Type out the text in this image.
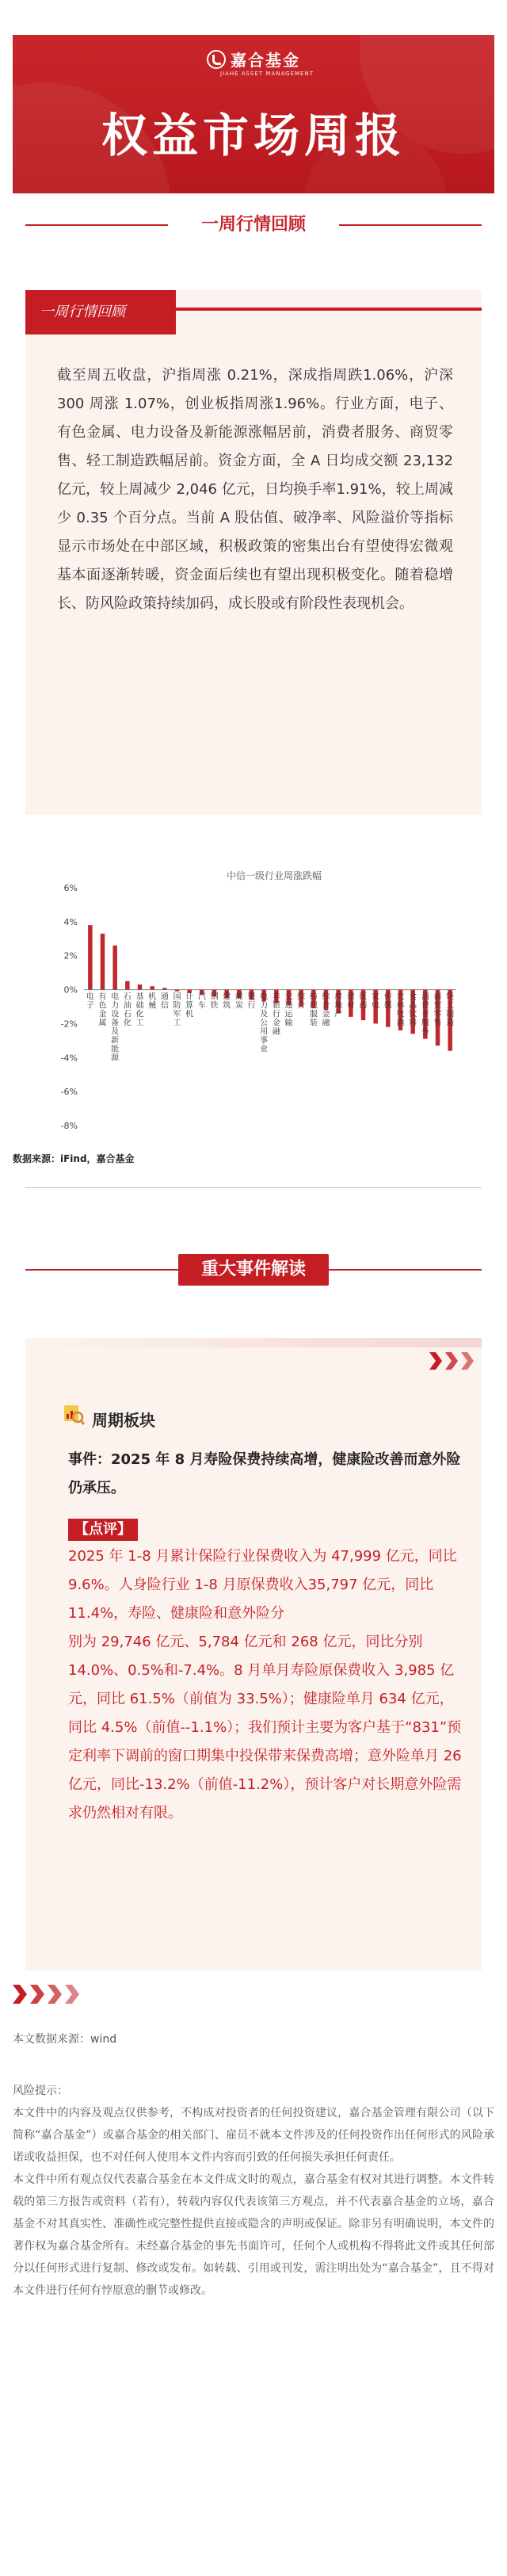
嘉合基金
JIAHE ASSET MANAGEMENT
权益市场周报
一周行情回顾
一周行情回顾
截至周五收盘，沪指周涨 0.21%，深成指周跌1.06%，沪深 300 周涨 1.07%，创业板指周涨1.96%。行业方面，电子、有色金属、电力设备及新能源涨幅居前，消费者服务、商贸零售、轻工制造跌幅居前。资金方面，全 A 日均成交额 23,132 亿元，较上周减少 2,046 亿元，日均换手率1.91%，较上周减少 0.35 个百分点。当前 A 股估值、破净率、风险溢价等指标显示市场处在中部区域，积极政策的密集出台有望使得宏微观基本面逐渐转暖，资金面后续也有望出现积极变化。随着稳增长、防风险政策持续加码，成长股或有阶段性表现机会。
中信一级行业周涨跌幅
6%
4%
2%
0%
-2%
-4%
-6%
-8%
电子
有色金属
电力设备及新能源
石油石化
基础化工
机械
通信
国防军工
计算机
汽车
钢铁
建筑
煤炭
银行
电力及公用事业
非银行金融
交通运输
综合
纺织服装
综合金融
房地产
建材
医药
家电
传媒
农林牧渔
食品饮料
消费者服务
商贸零售
轻工制造
数据来源：iFind，嘉合基金
重大事件解读
周期板块
事件：2025 年 8 月寿险保费持续高增，健康险改善而意外险仍承压。
【点评】
2025 年 1-8 月累计保险行业保费收入为 47,999 亿元，同比 9.6%。人身险行业 1-8 月原保费收入35,797 亿元，同比 11.4%，寿险、健康险和意外险分
别为 29,746 亿元、5,784 亿元和 268 亿元，同比分别 14.0%、0.5%和-7.4%。8 月单月寿险原保费收入 3,985 亿元，同比 61.5%（前值为 33.5%）；健康险单月 634 亿元，同比 4.5%（前值--1.1%）；我们预计主要为客户基于“831”预定利率下调前的窗口期集中投保带来保费高增；意外险单月 26 亿元，同比-13.2%（前值-11.2%），预计客户对长期意外险需求仍然相对有限。
本文数据来源：wind
风险提示：
本文件中的内容及观点仅供参考，不构成对投资者的任何投资建议，嘉合基金管理有限公司（以下简称“嘉合基金”）或嘉合基金的相关部门、雇员不就本文件涉及的任何投资作出任何形式的风险承诺或收益担保，也不对任何人使用本文件内容而引致的任何损失承担任何责任。
本文件中所有观点仅代表嘉合基金在本文件成文时的观点，嘉合基金有权对其进行调整。本文件转载的第三方报告或资料（若有），转载内容仅代表该第三方观点，并不代表嘉合基金的立场，嘉合基金不对其真实性、准确性或完整性提供直接或隐含的声明或保证。除非另有明确说明，本文件的著作权为嘉合基金所有。未经嘉合基金的事先书面许可，任何个人或机构不得将此文件或其任何部分以任何形式进行复制、修改或发布。如转载、引用或刊发，需注明出处为“嘉合基金”，且不得对本文件进行任何有悖原意的删节或修改。
